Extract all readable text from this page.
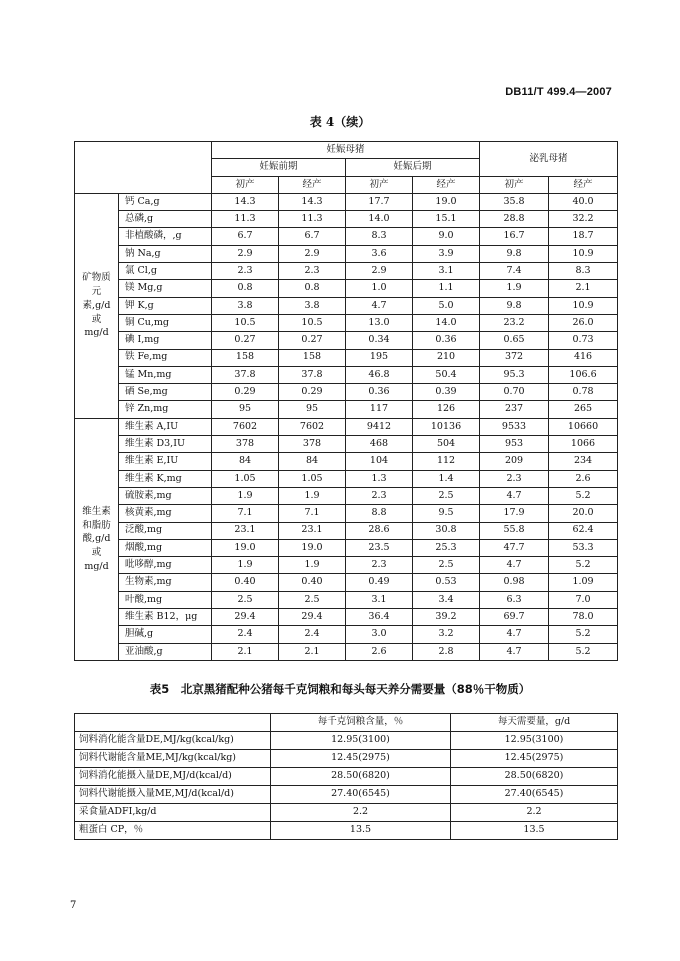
DB11/T 499.4—2007
表 4（续）
		妊娠母猪				泌乳母猪	
		妊娠前期		妊娠后期			
		初产	经产	初产	经产	初产	经产

矿物质
元
素,g/d
或
mg/d	钙 Ca,g	14.3	14.3	17.7	19.0	35.8	40.0
	总磷,g	11.3	11.3	14.0	15.1	28.8	32.2
	非植酸磷，,g	6.7	6.7	8.3	9.0	16.7	18.7
	钠 Na,g	2.9	2.9	3.6	3.9	9.8	10.9
	氯 Cl,g	2.3	2.3	2.9	3.1	7.4	8.3
	镁 Mg,g	0.8	0.8	1.0	1.1	1.9	2.1
	钾 K,g	3.8	3.8	4.7	5.0	9.8	10.9
	铜 Cu,mg	10.5	10.5	13.0	14.0	23.2	26.0
	碘 I,mg	0.27	0.27	0.34	0.36	0.65	0.73
	铁 Fe,mg	158	158	195	210	372	416
	锰 Mn,mg	37.8	37.8	46.8	50.4	95.3	106.6
	硒 Se,mg	0.29	0.29	0.36	0.39	0.70	0.78
	锌 Zn,mg	95	95	117	126	237	265

维生素
和脂肪
酸,g/d
或
mg/d	维生素 A,IU	7602	7602	9412	10136	9533	10660
	维生素 D3,IU	378	378	468	504	953	1066
	维生素 E,IU	84	84	104	112	209	234
	维生素 K,mg	1.05	1.05	1.3	1.4	2.3	2.6
	硫胺素,mg	1.9	1.9	2.3	2.5	4.7	5.2
	核黄素,mg	7.1	7.1	8.8	9.5	17.9	20.0
	泛酸,mg	23.1	23.1	28.6	30.8	55.8	62.4
	烟酸,mg	19.0	19.0	23.5	25.3	47.7	53.3
	吡哆醇,mg	1.9	1.9	2.3	2.5	4.7	5.2
	生物素,mg	0.40	0.40	0.49	0.53	0.98	1.09
	叶酸,mg	2.5	2.5	3.1	3.4	6.3	7.0
	维生素 B12，μg	29.4	29.4	36.4	39.2	69.7	78.0
	胆碱,g	2.4	2.4	3.0	3.2	4.7	5.2
	亚油酸,g	2.1	2.1	2.6	2.8	4.7	5.2
表5　北京黑猪配种公猪每千克饲粮和每头每天养分需要量（88％干物质）
	每千克饲粮含量，％	每天需要量，g/d
饲料消化能含量DE,MJ/kg(kcal/kg)	12.95(3100)	12.95(3100)
饲料代谢能含量ME,MJ/kg(kcal/kg)	12.45(2975)	12.45(2975)
饲料消化能摄入量DE,MJ/d(kcal/d)	28.50(6820)	28.50(6820)
饲料代谢能摄入量ME,MJ/d(kcal/d)	27.40(6545)	27.40(6545)
采食量ADFI,kg/d	2.2	2.2
粗蛋白 CP，％	13.5	13.5
7
